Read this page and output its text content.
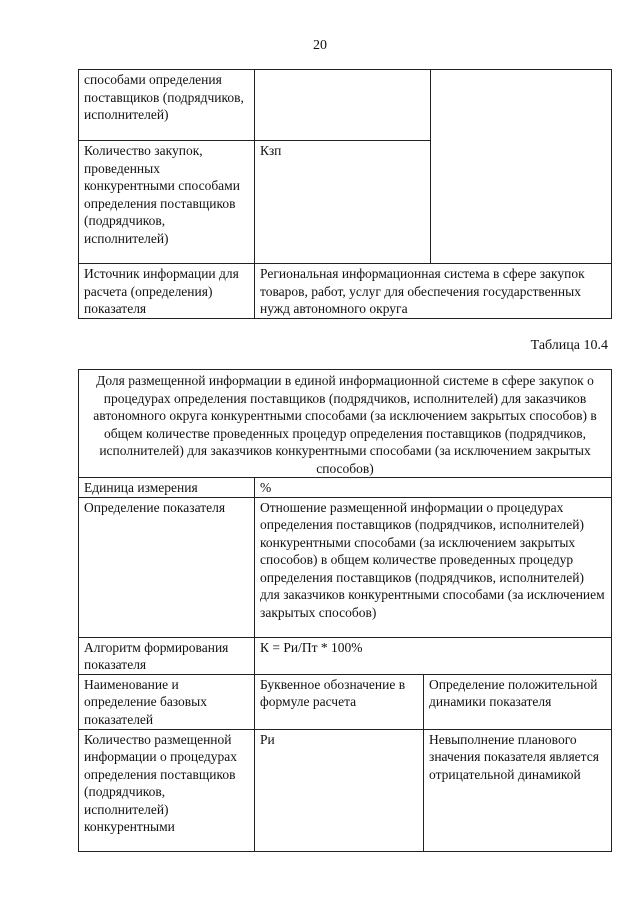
20
способами определения поставщиков (подрядчиков, исполнителей)		
Количество закупок, проведенных конкурентными способами определения поставщиков (подрядчиков, исполнителей)	Кзп	
Источник информации для расчета (определения) показателя	Региональная информационная система в сфере закупок товаров, работ, услуг для обеспечения государственных нужд автономного округа	
Таблица 10.4
Доля размещенной информации в единой информационной системе в сфере закупок о процедурах определения поставщиков (подрядчиков, исполнителей) для заказчиков автономного округа конкурентными способами (за исключением закрытых способов) в общем количестве проведенных процедур определения поставщиков (подрядчиков, исполнителей) для заказчиков конкурентными способами (за исключением закрытых способов)		
Единица измерения	%	
Определение показателя	Отношение размещенной информации о процедурах определения поставщиков (подрядчиков, исполнителей) конкурентными способами (за исключением закрытых способов) в общем количестве проведенных процедур определения поставщиков (подрядчиков, исполнителей) для заказчиков конкурентными способами (за исключением закрытых способов)	
Алгоритм формирования показателя	К = Ри/Пт * 100%	
Наименование и определение базовых показателей	Буквенное обозначение в формуле расчета	Определение положительной динамики показателя
Количество размещенной информации о процедурах определения поставщиков (подрядчиков, исполнителей) конкурентными	Ри	Невыполнение планового значения показателя является отрицательной динамикой
